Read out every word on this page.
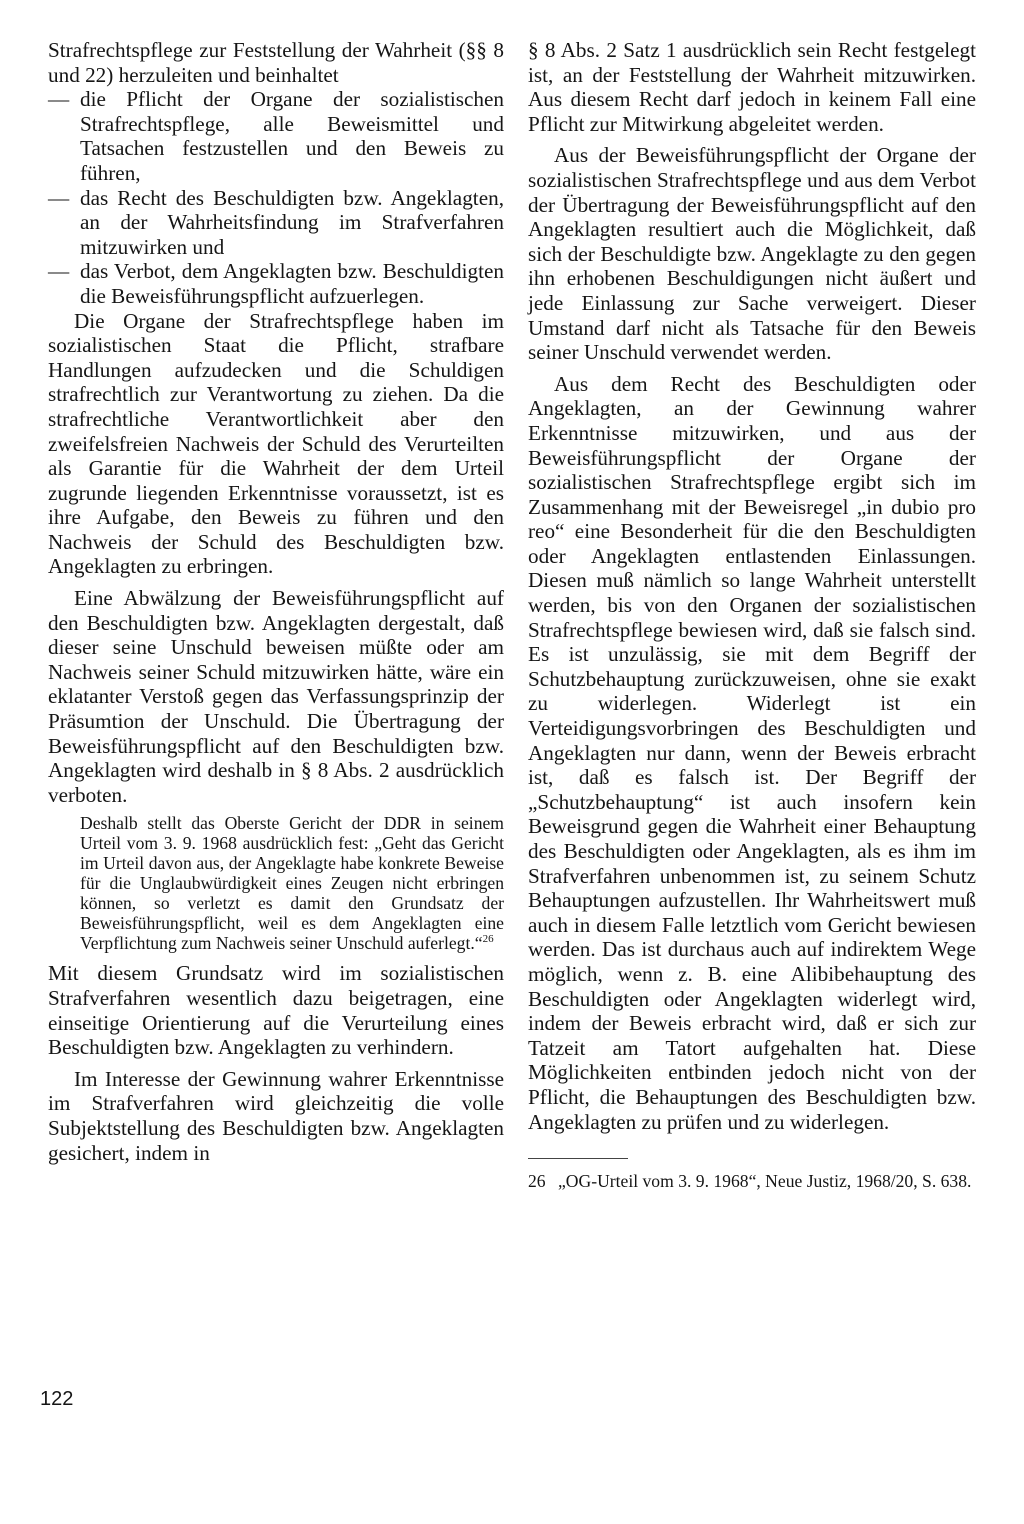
Strafrechtspflege zur Feststellung der Wahrheit (§§ 8 und 22) herzuleiten und beinhaltet

— die Pflicht der Organe der sozialistischen Strafrechtspflege, alle Beweismittel und Tatsachen festzustellen und den Beweis zu führen,
— das Recht des Beschuldigten bzw. Angeklagten, an der Wahrheitsfindung im Strafverfahren mitzuwirken und
— das Verbot, dem Angeklagten bzw. Beschuldigten die Beweisführungspflicht aufzuerlegen.

Die Organe der Strafrechtspflege haben im sozialistischen Staat die Pflicht, strafbare Handlungen aufzudecken und die Schuldigen strafrechtlich zur Verantwortung zu ziehen. Da die strafrechtliche Verantwortlichkeit aber den zweifelsfreien Nachweis der Schuld des Verurteilten als Garantie für die Wahrheit der dem Urteil zugrunde liegenden Erkenntnisse voraussetzt, ist es ihre Aufgabe, den Beweis zu führen und den Nachweis der Schuld des Beschuldigten bzw. Angeklagten zu erbringen.

Eine Abwälzung der Beweisführungspflicht auf den Beschuldigten bzw. Angeklagten dergestalt, daß dieser seine Unschuld beweisen müßte oder am Nachweis seiner Schuld mitzuwirken hätte, wäre ein eklatanter Verstoß gegen das Verfassungsprinzip der Präsumtion der Unschuld. Die Übertragung der Beweisführungspflicht auf den Beschuldigten bzw. Angeklagten wird deshalb in § 8 Abs. 2 ausdrücklich verboten.

Deshalb stellt das Oberste Gericht der DDR in seinem Urteil vom 3. 9. 1968 ausdrücklich fest: „Geht das Gericht im Urteil davon aus, der Angeklagte habe konkrete Beweise für die Unglaubwürdigkeit eines Zeugen nicht erbringen können, so verletzt es damit den Grundsatz der Beweisführungspflicht, weil es dem Angeklagten eine Verpflichtung zum Nachweis seiner Unschuld auferlegt.“$^{26}$

Mit diesem Grundsatz wird im sozialistischen Strafverfahren wesentlich dazu beigetragen, eine einseitige Orientierung auf die Verurteilung eines Beschuldigten bzw. Angeklagten zu verhindern.

Im Interesse der Gewinnung wahrer Erkenntnisse im Strafverfahren wird gleichzeitig die volle Subjektstellung des Beschuldigten bzw. Angeklagten gesichert, indem in

§ 8 Abs. 2 Satz 1 ausdrücklich sein Recht festgelegt ist, an der Feststellung der Wahrheit mitzuwirken. Aus diesem Recht darf jedoch in keinem Fall eine Pflicht zur Mitwirkung abgeleitet werden.

Aus der Beweisführungspflicht der Organe der sozialistischen Strafrechtspflege und aus dem Verbot der Übertragung der Beweisführungspflicht auf den Angeklagten resultiert auch die Möglichkeit, daß sich der Beschuldigte bzw. Angeklagte zu den gegen ihn erhobenen Beschuldigungen nicht äußert und jede Einlassung zur Sache verweigert. Dieser Umstand darf nicht als Tatsache für den Beweis seiner Unschuld verwendet werden.

Aus dem Recht des Beschuldigten oder Angeklagten, an der Gewinnung wahrer Erkenntnisse mitzuwirken, und aus der Beweisführungspflicht der Organe der sozialistischen Strafrechtspflege ergibt sich im Zusammenhang mit der Beweisregel „in dubio pro reo“ eine Besonderheit für die den Beschuldigten oder Angeklagten entlastenden Einlassungen. Diesen muß nämlich so lange Wahrheit unterstellt werden, bis von den Organen der sozialistischen Strafrechtspflege bewiesen wird, daß sie falsch sind. Es ist unzulässig, sie mit dem Begriff der Schutzbehauptung zurückzuweisen, ohne sie exakt zu widerlegen. Widerlegt ist ein Verteidigungsvorbringen des Beschuldigten und Angeklagten nur dann, wenn der Beweis erbracht ist, daß es falsch ist. Der Begriff der „Schutzbehauptung“ ist auch insofern kein Beweisgrund gegen die Wahrheit einer Behauptung des Beschuldigten oder Angeklagten, als es ihm im Strafverfahren unbenommen ist, zu seinem Schutz Behauptungen aufzustellen. Ihr Wahrheitswert muß auch in diesem Falle letztlich vom Gericht bewiesen werden. Das ist durchaus auch auf indirektem Wege möglich, wenn z. B. eine Alibibehauptung des Beschuldigten oder Angeklagten widerlegt wird, indem der Beweis erbracht wird, daß er sich zur Tatzeit am Tatort aufgehalten hat. Diese Möglichkeiten entbinden jedoch nicht von der Pflicht, die Behauptungen des Beschuldigten bzw. Angeklagten zu prüfen und zu widerlegen.

26 „OG-Urteil vom 3. 9. 1968“, Neue Justiz, 1968/20, S. 638.
122
